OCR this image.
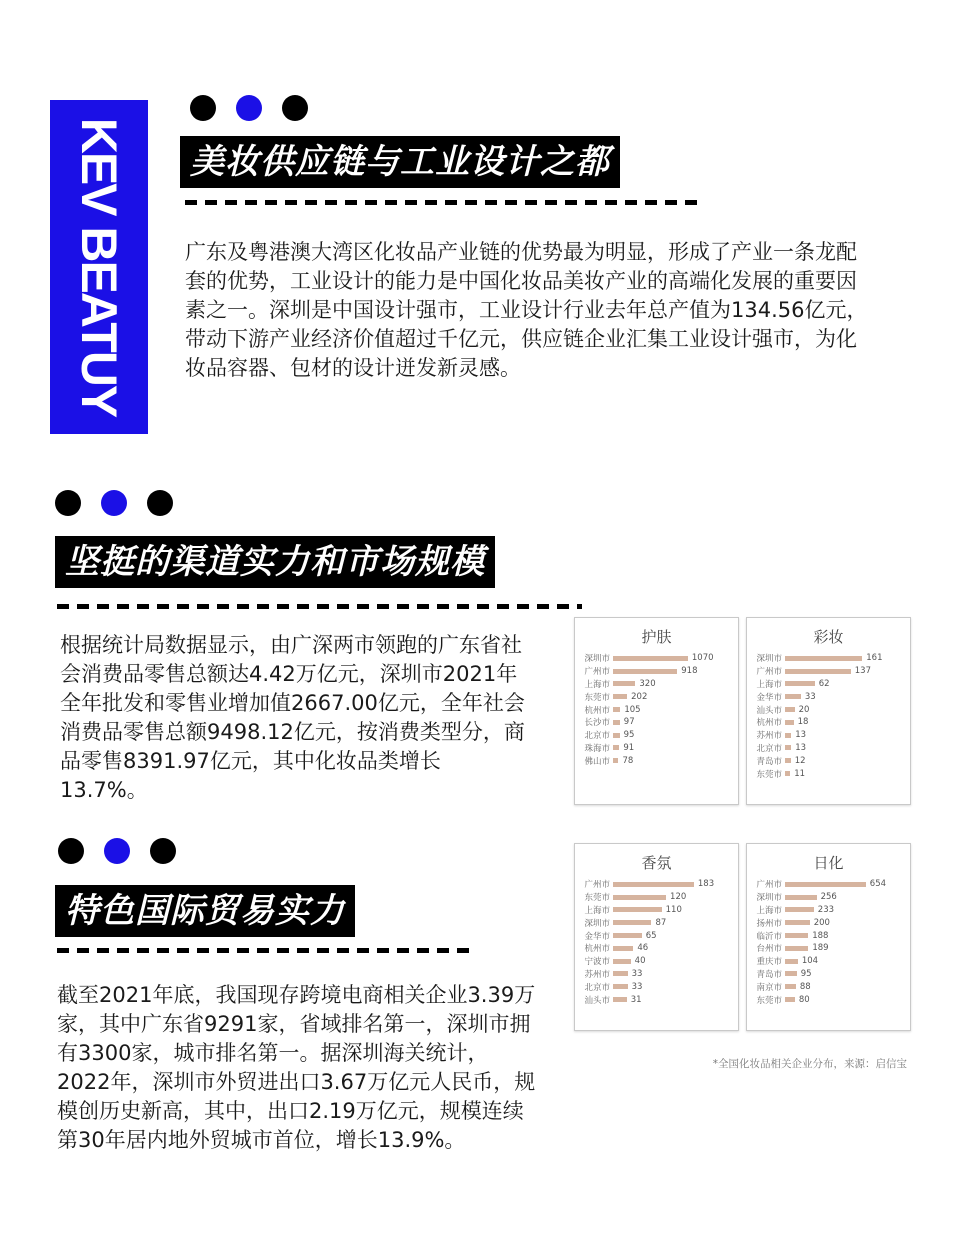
KEV BEATUY 美妆供应链与工业设计之都

广东及粤港澳大湾区化妆品产业链的优势最为明显，形成了产业一条龙配套的优势，工业设计的能力是中国化妆品美妆产业的高端化发展的重要因素之一。深圳是中国设计强市，工业设计行业去年总产值为134.56亿元，带动下游产业经济价值超过千亿元，供应链企业汇集工业设计强市，为化妆品容器、包材的设计迸发新灵感。

坚挺的渠道实力和市场规模

根据统计局数据显示，由广深两市领跑的广东省社会消费品零售总额达4.42万亿元，深圳市2021年全年批发和零售业增加值2667.00亿元，全年社会消费品零售总额9498.12亿元，按消费类型分，商品零售8391.97亿元，其中化妆品类增长13.7%。

特色国际贸易实力

截至2021年底，我国现存跨境电商相关企业3.39万家，其中广东省9291家，省域排名第一，深圳市拥有3300家，城市排名第一。据深圳海关统计，2022年，深圳市外贸进出口3.67万亿元人民币，规模创历史新高，其中，出口2.19万亿元，规模连续第30年居内地外贸城市首位，增长13.9%。

护肤
深圳市	1070
广州市	918
上海市	320
东莞市	202
杭州市	105
长沙市	97
北京市	95
珠海市	91
佛山市	78
彩妆
深圳市	161
广州市	137
上海市	62
金华市	33
汕头市	20
杭州市	18
苏州市	13
北京市	13
青岛市	12
东莞市	11
香氛
广州市	183
东莞市	120
上海市	110
深圳市	87
金华市	65
杭州市	46
宁波市	40
苏州市	33
北京市	33
汕头市	31
日化
广州市	654
深圳市	256
上海市	233
扬州市	200
临沂市	188
台州市	189
重庆市	104
青岛市	95
南京市	88
东莞市	80
*全国化妆品相关企业分布，来源：启信宝
